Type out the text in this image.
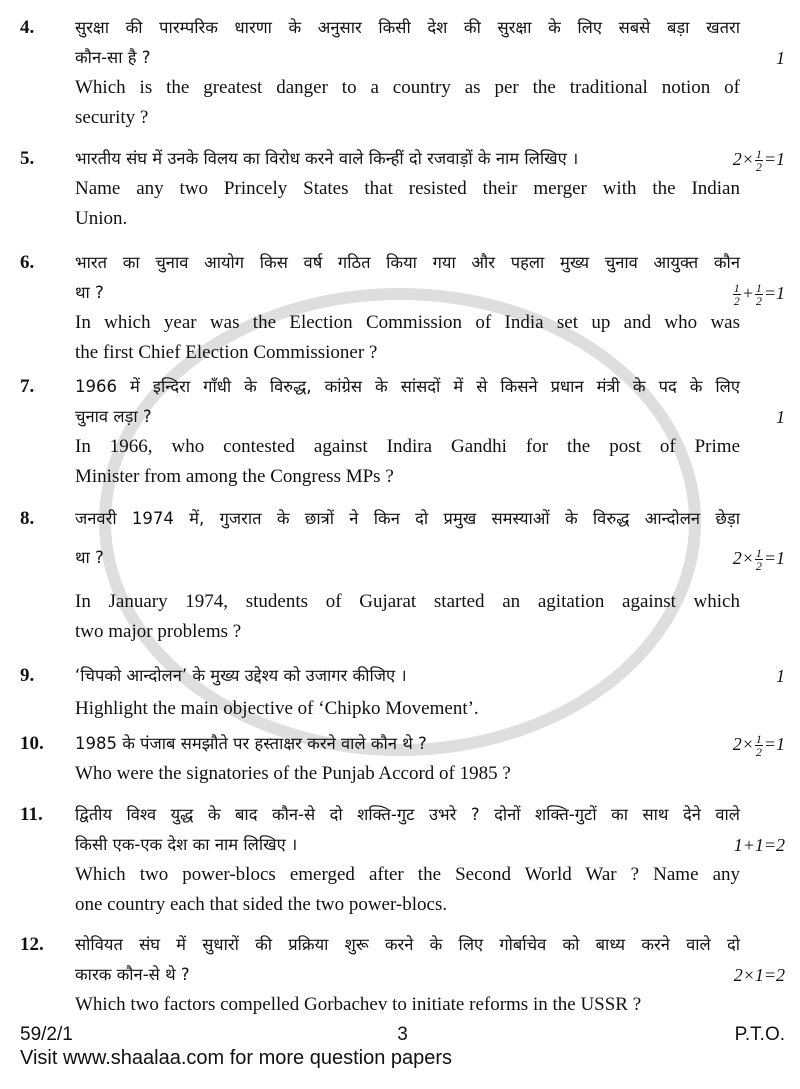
4.	सुरक्षा की पारम्परिक धारणा के अनुसार किसी देश की सुरक्षा के लिए सबसे बड़ा खतरा
कौन-सा है ?	1
Which is the greatest danger to a country as per the traditional notion of
security ?
5.	भारतीय संघ में उनके विलय का विरोध करने वाले किन्हीं दो रजवाड़ों के नाम लिखिए ।	$2\times \frac{1}{2} =1$
Name any two Princely States that resisted their merger with the Indian
Union.
6.	भारत का चुनाव आयोग किस वर्ष गठित किया गया और पहला मुख्य चुनाव आयुक्त कौन
था ?	$\frac{1}{2} + \frac{1}{2} =1$
In which year was the Election Commission of India set up and who was
the first Chief Election Commissioner ?
7.	1966 में इन्दिरा गाँधी के विरुद्ध, कांग्रेस के सांसदों में से किसने प्रधान मंत्री के पद के लिए
चुनाव लड़ा ?	1
In 1966, who contested against Indira Gandhi for the post of Prime
Minister from among the Congress MPs ?
8.	जनवरी 1974 में, गुजरात के छात्रों ने किन दो प्रमुख समस्याओं के विरुद्ध आन्दोलन छेड़ा
था ?	$2\times \frac{1}{2} =1$
In January 1974, students of Gujarat started an agitation against which
two major problems ?
9.	‘चिपको आन्दोलन’ के मुख्य उद्देश्य को उजागर कीजिए ।	1
Highlight the main objective of ‘Chipko Movement’.
10.	1985 के पंजाब समझौते पर हस्ताक्षर करने वाले कौन थे ?	$2\times \frac{1}{2} =1$
Who were the signatories of the Punjab Accord of 1985 ?
11.	द्वितीय विश्व युद्ध के बाद कौन-से दो शक्ति-गुट उभरे ? दोनों शक्ति-गुटों का साथ देने वाले
किसी एक-एक देश का नाम लिखिए ।	1+1=2
Which two power-blocs emerged after the Second World War ? Name any
one country each that sided the two power-blocs.
12.	सोवियत संघ में सुधारों की प्रक्रिया शुरू करने के लिए गोर्बाचेव को बाध्य करने वाले दो
कारक कौन-से थे ?	2×1=2
Which two factors compelled Gorbachev to initiate reforms in the USSR ?
59/2/1	3	P.T.O.
Visit www.shaalaa.com for more question papers
